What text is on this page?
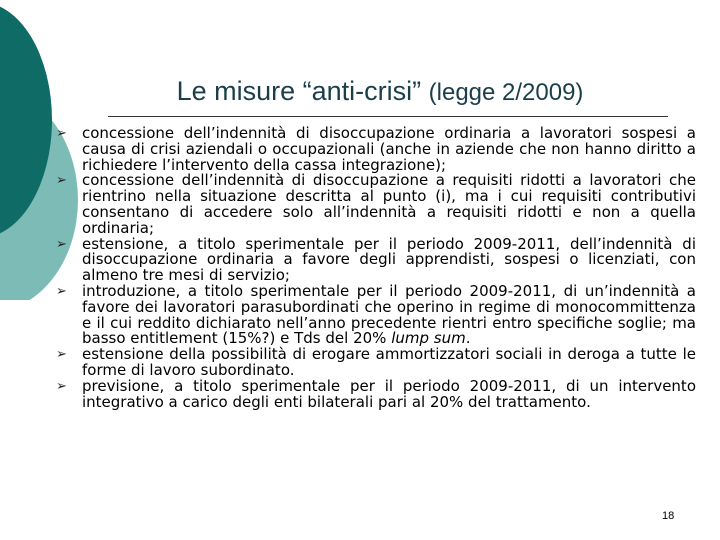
Le misure “anti-crisi” (legge 2/2009)
➢ concessione dell’indennità di disoccupazione ordinaria a lavoratori sospesi a causa di crisi aziendali o occupazionali (anche in aziende che non hanno diritto a richiedere l’intervento della cassa integrazione);
➢ concessione dell’indennità di disoccupazione a requisiti ridotti a lavoratori che rientrino nella situazione descritta al punto (i), ma i cui requisiti contributivi consentano di accedere solo all’indennità a requisiti ridotti e non a quella ordinaria;
➢ estensione, a titolo sperimentale per il periodo 2009-2011, dell’indennità di disoccupazione ordinaria a favore degli apprendisti, sospesi o licenziati, con almeno tre mesi di servizio;
➢ introduzione, a titolo sperimentale per il periodo 2009-2011, di un’indennità a favore dei lavoratori parasubordinati che operino in regime di monocommittenza e il cui reddito dichiarato nell’anno precedente rientri entro specifiche soglie; ma basso entitlement (15%?) e Tds del 20% lump sum.
➢ estensione della possibilità di erogare ammortizzatori sociali in deroga a tutte le forme di lavoro subordinato.
➢ previsione, a titolo sperimentale per il periodo 2009-2011, di un intervento integrativo a carico degli enti bilaterali pari al 20% del trattamento.
18
